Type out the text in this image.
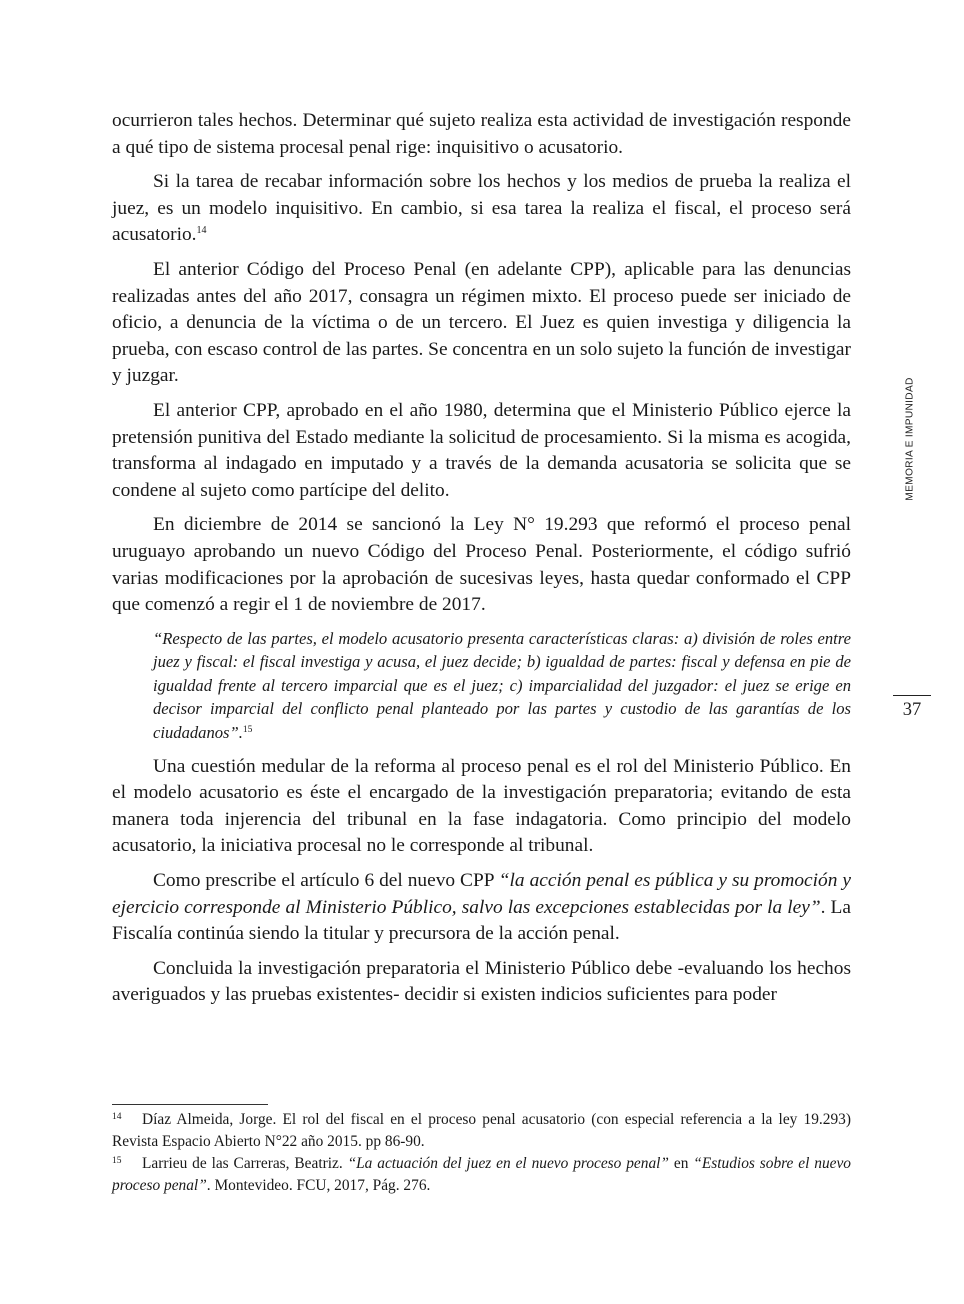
ocurrieron tales hechos. Determinar qué sujeto realiza esta actividad de investigación responde a qué tipo de sistema procesal penal rige: inquisitivo o acusatorio.

Si la tarea de recabar información sobre los hechos y los medios de prueba la realiza el juez, es un modelo inquisitivo. En cambio, si esa tarea la realiza el fiscal, el proceso será acusatorio.$^{14}$

El anterior Código del Proceso Penal (en adelante CPP), aplicable para las denuncias realizadas antes del año 2017, consagra un régimen mixto. El proceso puede ser iniciado de oficio, a denuncia de la víctima o de un tercero. El Juez es quien investiga y diligencia la prueba, con escaso control de las partes. Se concentra en un solo sujeto la función de investigar y juzgar.

El anterior CPP, aprobado en el año 1980, determina que el Ministerio Público ejerce la pretensión punitiva del Estado mediante la solicitud de procesamiento. Si la misma es acogida, transforma al indagado en imputado y a través de la demanda acusatoria se solicita que se condene al sujeto como partícipe del delito.

En diciembre de 2014 se sancionó la Ley N° 19.293 que reformó el proceso penal uruguayo aprobando un nuevo Código del Proceso Penal. Posteriormente, el código sufrió varias modificaciones por la aprobación de sucesivas leyes, hasta quedar conformado el CPP que comenzó a regir el 1 de noviembre de 2017.

“Respecto de las partes, el modelo acusatorio presenta características claras: a) división de roles entre juez y fiscal: el fiscal investiga y acusa, el juez decide; b) igualdad de partes: fiscal y defensa en pie de igualdad frente al tercero imparcial que es el juez; c) imparcialidad del juzgador: el juez se erige en decisor imparcial del conflicto penal planteado por las partes y custodio de las garantías de los ciudadanos”.$^{15}$

Una cuestión medular de la reforma al proceso penal es el rol del Ministerio Público. En el modelo acusatorio es éste el encargado de la investigación preparatoria; evitando de esta manera toda injerencia del tribunal en la fase indagatoria. Como principio del modelo acusatorio, la iniciativa procesal no le corresponde al tribunal.

Como prescribe el artículo 6 del nuevo CPP “la acción penal es pública y su promoción y ejercicio corresponde al Ministerio Público, salvo las excepciones establecidas por la ley”. La Fiscalía continúa siendo la titular y precursora de la acción penal.

Concluida la investigación preparatoria el Ministerio Público debe -evaluando los hechos averiguados y las pruebas existentes- decidir si existen indicios suficientes para poder

MEMORIA E IMPUNIDAD
37

14 Díaz Almeida, Jorge. El rol del fiscal en el proceso penal acusatorio (con especial referencia a la ley 19.293) Revista Espacio Abierto N°22 año 2015. pp 86-90.

15 Larrieu de las Carreras, Beatriz. “La actuación del juez en el nuevo proceso penal” en “Estudios sobre el nuevo proceso penal”. Montevideo. FCU, 2017, Pág. 276.
